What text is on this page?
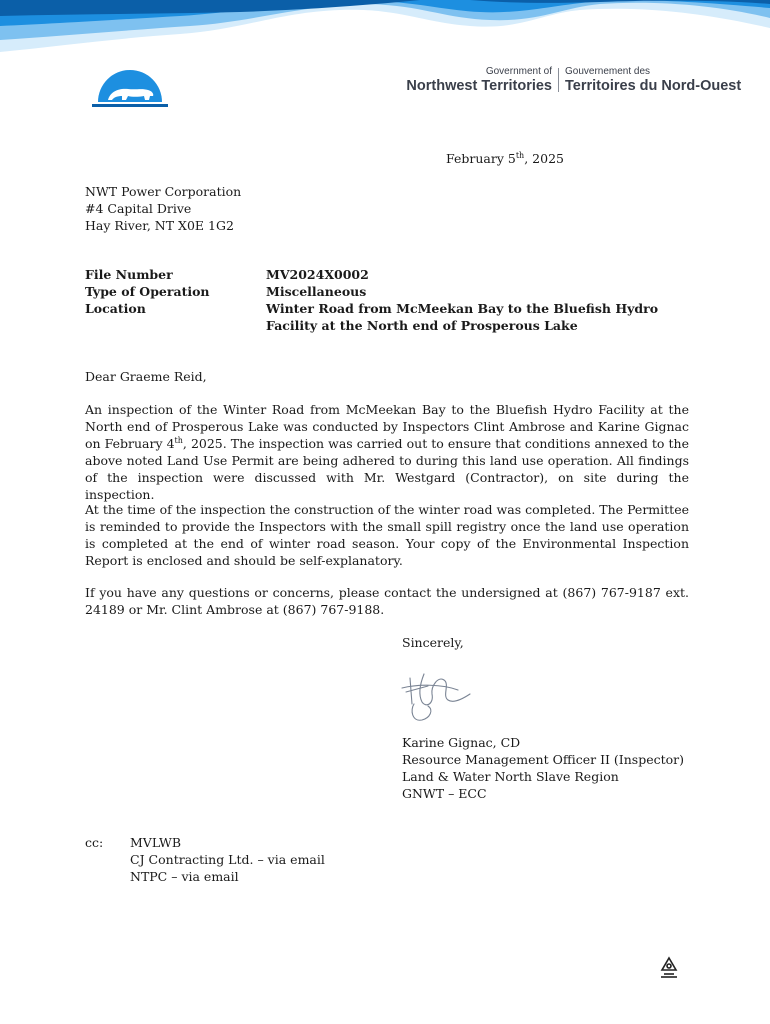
Government of
Northwest Territories
Gouvernement des
Territoires du Nord-Ouest
February 5th, 2025
NWT Power Corporation
#4 Capital Drive
Hay River, NT X0E 1G2
File Number	MV2024X0002
Type of Operation	Miscellaneous
Location	Winter Road from McMeekan Bay to the Bluefish Hydro Facility at the North end of Prosperous Lake
Dear Graeme Reid,
An inspection of the Winter Road from McMeekan Bay to the Bluefish Hydro Facility at the North end of Prosperous Lake was conducted by Inspectors Clint Ambrose and Karine Gignac on February 4th, 2025. The inspection was carried out to ensure that conditions annexed to the above noted Land Use Permit are being adhered to during this land use operation. All findings of the inspection were discussed with Mr. Westgard (Contractor), on site during the inspection.
At the time of the inspection the construction of the winter road was completed. The Permittee is reminded to provide the Inspectors with the small spill registry once the land use operation is completed at the end of winter road season. Your copy of the Environmental Inspection Report is enclosed and should be self-explanatory.
If you have any questions or concerns, please contact the undersigned at (867) 767-9187 ext. 24189 or Mr. Clint Ambrose at (867) 767-9188.
Sincerely,
Karine Gignac, CD
Resource Management Officer II (Inspector)
Land & Water North Slave Region
GNWT – ECC
cc: MVLWB
CJ Contracting Ltd. – via email
NTPC – via email
